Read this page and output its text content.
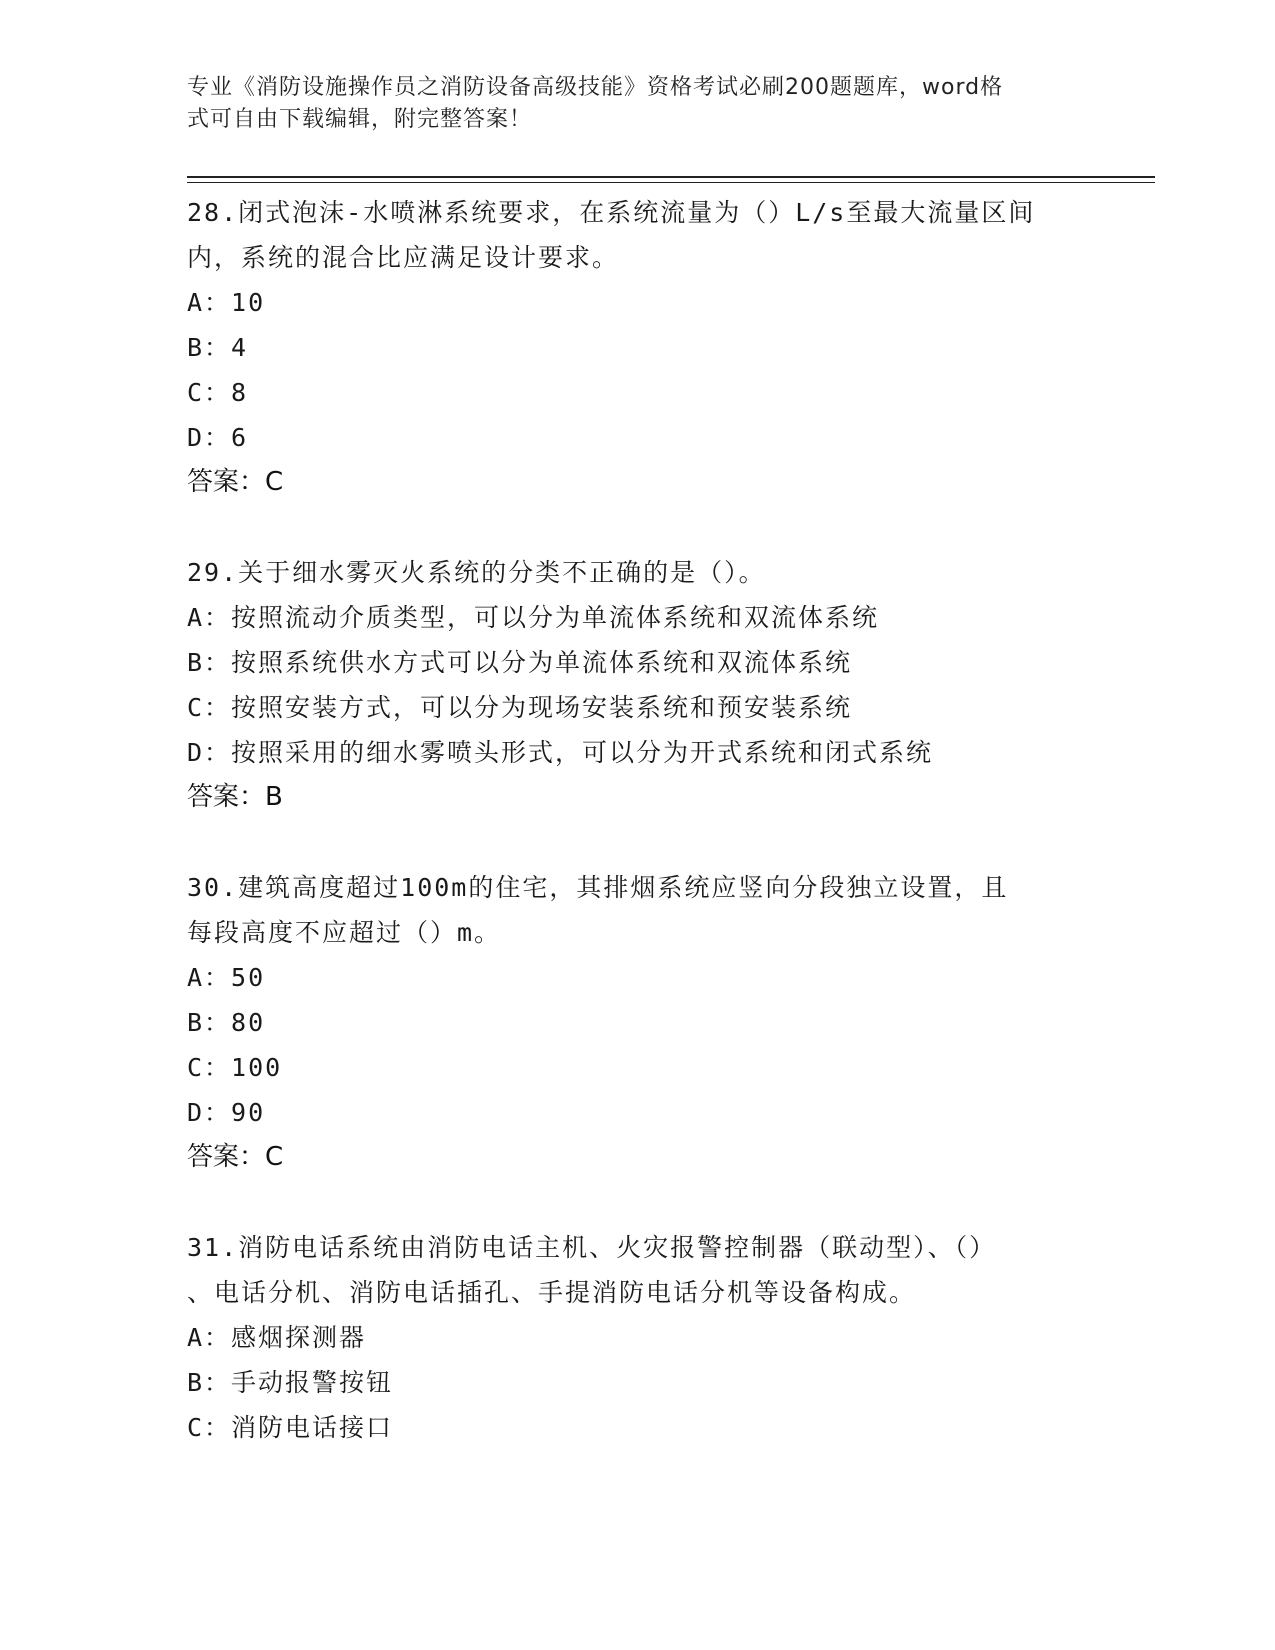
专业《消防设施操作员之消防设备高级技能》资格考试必刷200题题库，word格
式可自由下载编辑，附完整答案！

28.闭式泡沫-水喷淋系统要求，在系统流量为（）L/s至最大流量区间

内，系统的混合比应满足设计要求。

A：10

B：4

C：8

D：6

答案：C

29.关于细水雾灭火系统的分类不正确的是（）。

A：按照流动介质类型，可以分为单流体系统和双流体系统

B：按照系统供水方式可以分为单流体系统和双流体系统

C：按照安装方式，可以分为现场安装系统和预安装系统

D：按照采用的细水雾喷头形式，可以分为开式系统和闭式系统

答案：B

30.建筑高度超过100m的住宅，其排烟系统应竖向分段独立设置，且

每段高度不应超过（）m。

A：50

B：80

C：100

D：90

答案：C

31.消防电话系统由消防电话主机、火灾报警控制器（联动型）、（）

、电话分机、消防电话插孔、手提消防电话分机等设备构成。

A：感烟探测器

B：手动报警按钮

C：消防电话接口
